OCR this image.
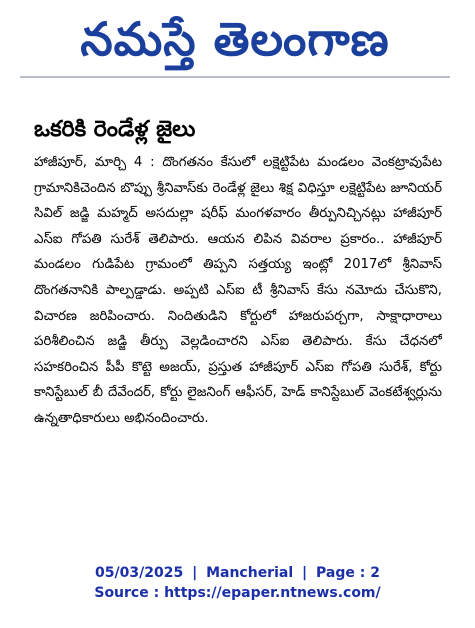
నమస్తే తెలంగాణ
ఒకరికి రెండేళ్ల జైలు
హాజీపూర్‌, మార్చి 4 : దొంగతనం కేసులో లక్షెట్టిపేట మండలం వెంకట్రావుపేట గ్రామానికిచెందిన బొప్పు శ్రీనివాస్‌కు రెండేళ్ల జైలు శిక్ష విధిస్తూ లక్షెట్టిపేట జూనియర్‌ సివిల్‌ జడ్జి మహ్మద్‌ అసదుల్లా షరీఫ్‌ మంగళవారం తీర్పునిచ్చినట్లు హాజీపూర్‌ ఎస్‌ఐ గోపతి సురేశ్‌ తెలిపారు. ఆయన లిపిన వివరాల ప్రకారం.. హాజీపూర్‌ మండలం గుడిపేట గ్రామంలో తిప్పని సత్తయ్య ఇంట్లో 2017లో శ్రీనివాస్‌ దొంగతనానికి పాల్పడ్డాడు. అప్పటి ఎస్‌ఐ టీ శ్రీనివాస్‌ కేసు నమోదు చేసుకొని, విచారణ జరిపించారు. నిందితుడిని కోర్టులో హాజరుపర్చగా, సాక్షాధారాలు పరిశీలించిన జడ్జి తీర్పు వెల్లడించారని ఎస్‌ఐ తెలిపారు. కేసు చేధనలో సహకరించిన పీపీ కొట్టె అజయ్‌, ప్రస్తుత హాజీపూర్‌ ఎస్‌ఐ గోపతి సురేశ్‌, కోర్టు కానిస్టేబుల్‌ బీ దేవేందర్‌, కోర్టు లైజనింగ్‌ ఆఫీసర్‌, హెడ్‌ కానిస్టేబుల్‌ వెంకటేశ్వర్లును ఉన్నతాధికారులు అభినందించారు.
05/03/2025 | Mancherial | Page : 2
Source : https://epaper.ntnews.com/
